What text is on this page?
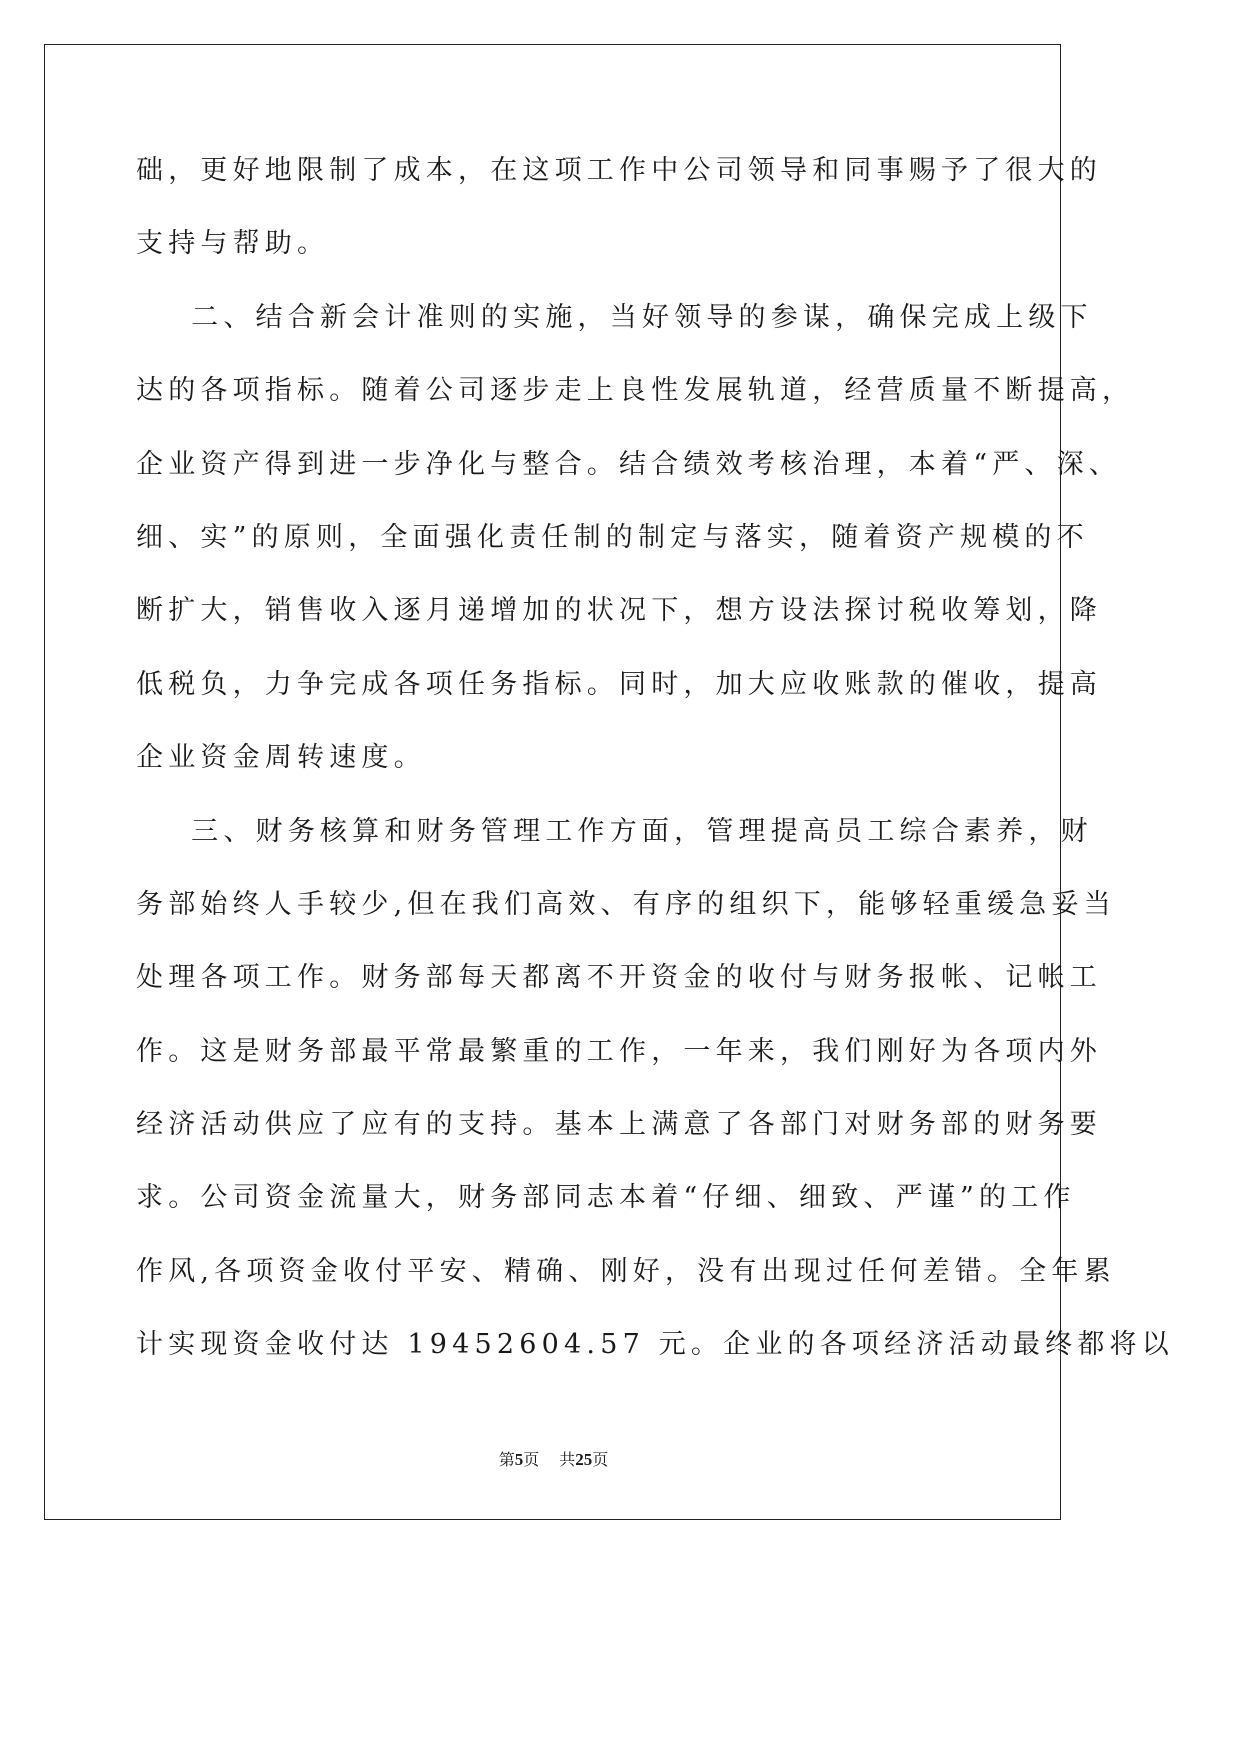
础，更好地限制了成本，在这项工作中公司领导和同事赐予了很大的
支持与帮助。
二、结合新会计准则的实施，当好领导的参谋，确保完成上级下
达的各项指标。随着公司逐步走上良性发展轨道，经营质量不断提高，
企业资产得到进一步净化与整合。结合绩效考核治理，本着“严、深、
细、实”的原则，全面强化责任制的制定与落实，随着资产规模的不
断扩大，销售收入逐月递增加的状况下，想方设法探讨税收筹划，降
低税负，力争完成各项任务指标。同时，加大应收账款的催收，提高
企业资金周转速度。
三、财务核算和财务管理工作方面，管理提高员工综合素养，财
务部始终人手较少,但在我们高效、有序的组织下，能够轻重缓急妥当
处理各项工作。财务部每天都离不开资金的收付与财务报帐、记帐工
作。这是财务部最平常最繁重的工作，一年来，我们刚好为各项内外
经济活动供应了应有的支持。基本上满意了各部门对财务部的财务要
求。公司资金流量大，财务部同志本着“仔细、细致、严谨”的工作
作风,各项资金收付平安、精确、刚好，没有出现过任何差错。全年累
计实现资金收付达 19452604.57 元。企业的各项经济活动最终都将以
第5页 共25页
